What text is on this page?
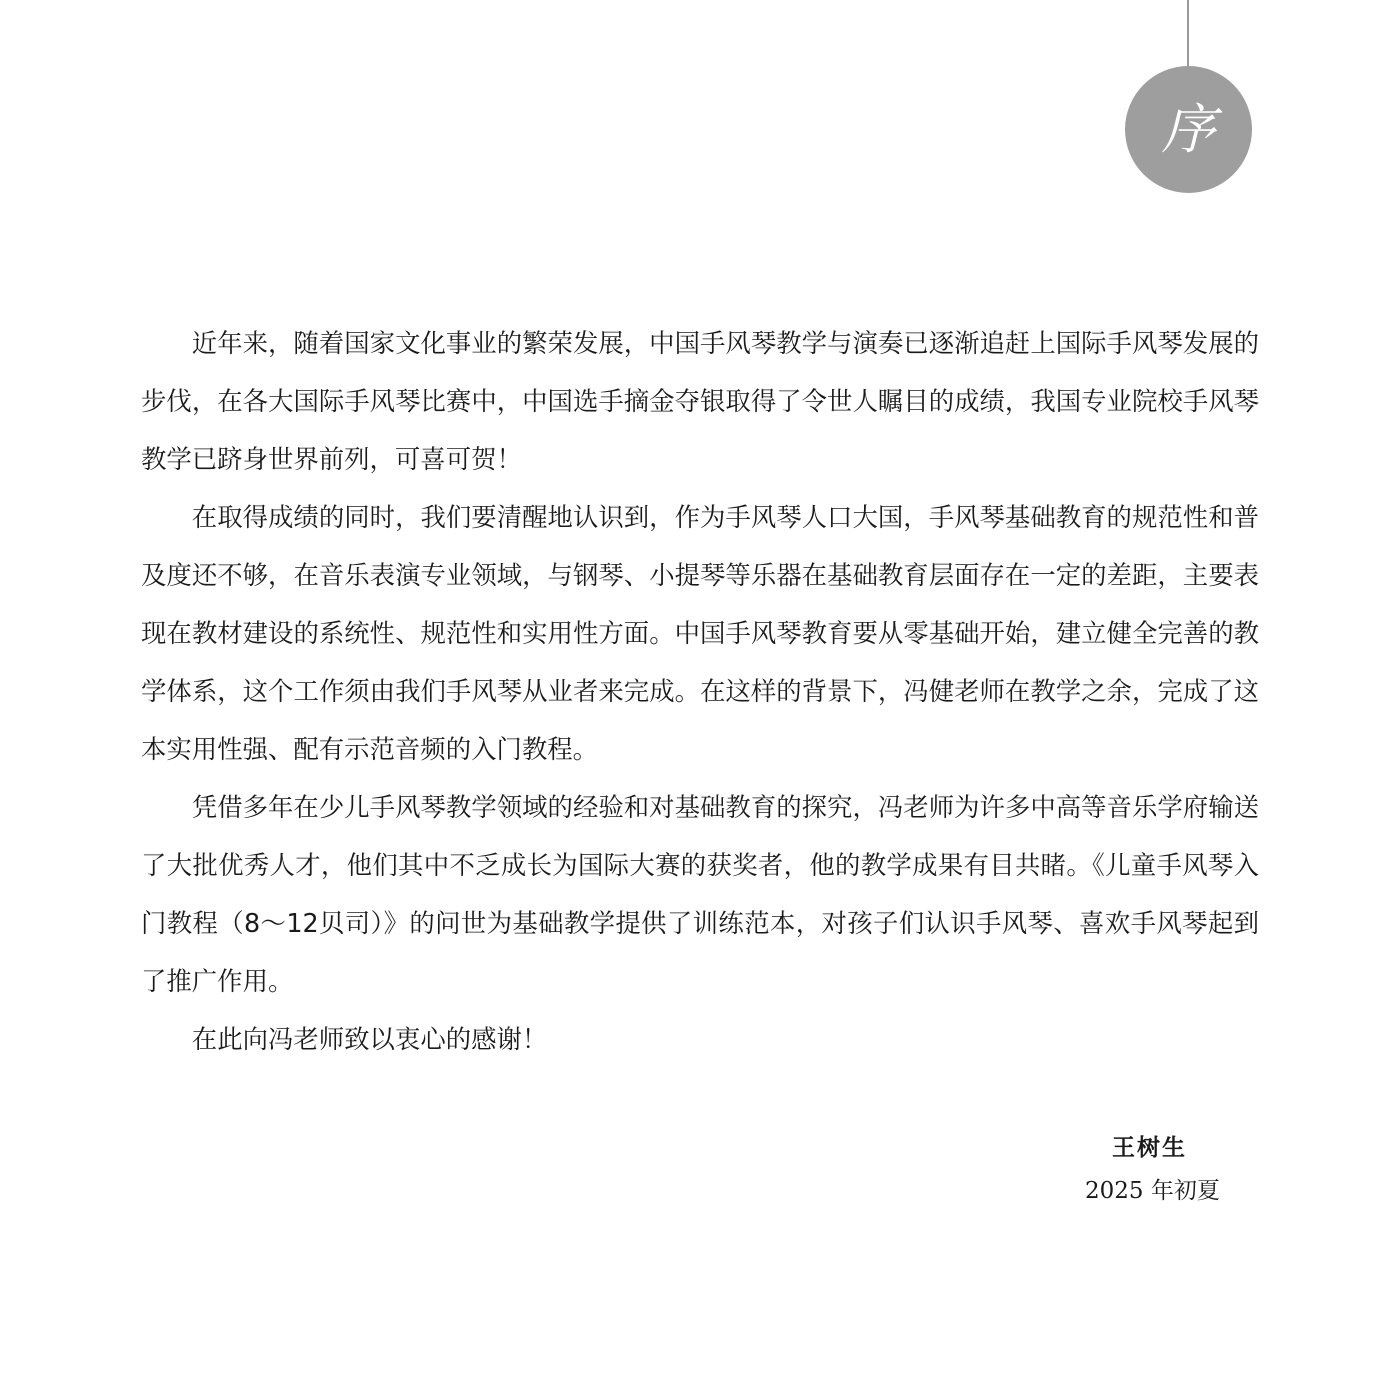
序

近年来，随着国家文化事业的繁荣发展，中国手风琴教学与演奏已逐渐追赶上国际手风琴发展的步伐，在各大国际手风琴比赛中，中国选手摘金夺银取得了令世人瞩目的成绩，我国专业院校手风琴教学已跻身世界前列，可喜可贺！

在取得成绩的同时，我们要清醒地认识到，作为手风琴人口大国，手风琴基础教育的规范性和普及度还不够，在音乐表演专业领域，与钢琴、小提琴等乐器在基础教育层面存在一定的差距，主要表现在教材建设的系统性、规范性和实用性方面。中国手风琴教育要从零基础开始，建立健全完善的教学体系，这个工作须由我们手风琴从业者来完成。在这样的背景下，冯健老师在教学之余，完成了这本实用性强、配有示范音频的入门教程。

凭借多年在少儿手风琴教学领域的经验和对基础教育的探究，冯老师为许多中高等音乐学府输送了大批优秀人才，他们其中不乏成长为国际大赛的获奖者，他的教学成果有目共睹。《儿童手风琴入门教程（8～12贝司）》的问世为基础教学提供了训练范本，对孩子们认识手风琴、喜欢手风琴起到了推广作用。

在此向冯老师致以衷心的感谢！

王树生
2025 年初夏
